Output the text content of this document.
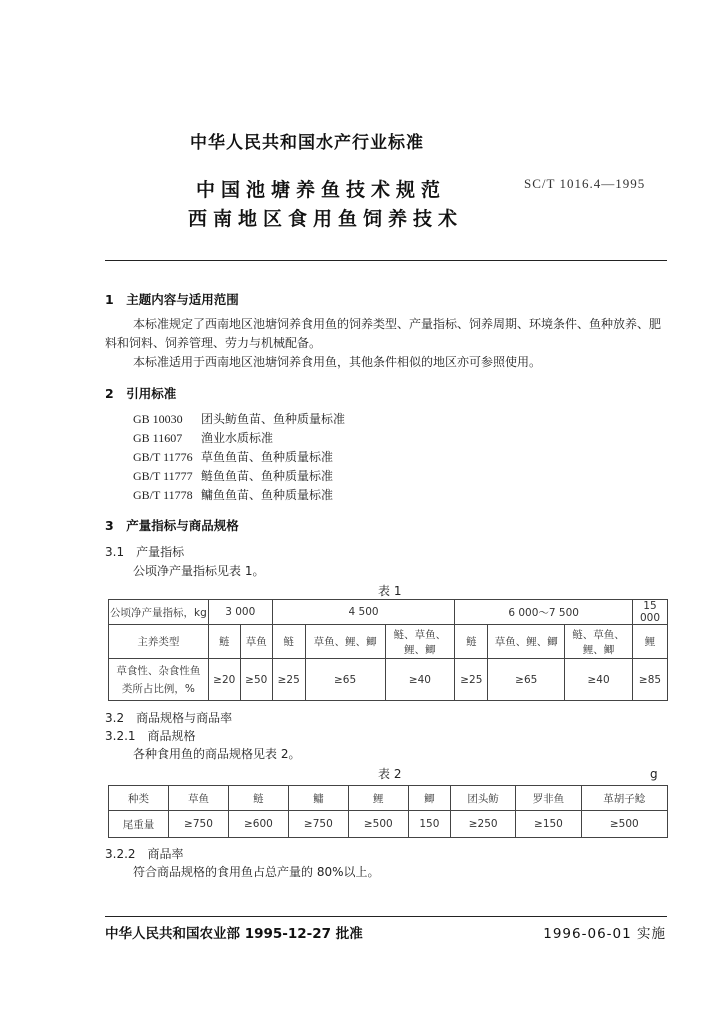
中华人民共和国水产行业标准
中国池塘养鱼技术规范
西南地区食用鱼饲养技术
SC/T 1016.4—1995
1　主题内容与适用范围
本标准规定了西南地区池塘饲养食用鱼的饲养类型、产量指标、饲养周期、环境条件、鱼种放养、肥
料和饲料、饲养管理、劳力与机械配备。
本标准适用于西南地区池塘饲养食用鱼，其他条件相似的地区亦可参照使用。
2　引用标准
GB 10030 团头鲂鱼苗、鱼种质量标准
GB 11607 渔业水质标准
GB/T 11776 草鱼鱼苗、鱼种质量标准
GB/T 11777 鲢鱼鱼苗、鱼种质量标准
GB/T 11778 鳙鱼鱼苗、鱼种质量标准
3　产量指标与商品规格
3.1　产量指标
公顷净产量指标见表 1。
表 1
公顷净产量指标，kg	3 000		4 500			6 000～7 500			15 000
主养类型	鲢	草鱼	鲢	草鱼、鲤、鲫	鲢、草鱼、鲤、鲫	鲢	草鱼、鲤、鲫	鲢、草鱼、鲤、鲫	鲤
草食性、杂食性鱼类所占比例，%	≥20	≥50	≥25	≥65	≥40	≥25	≥65	≥40	≥85
3.2　商品规格与商品率
3.2.1　商品规格
各种食用鱼的商品规格见表 2。
表 2	g
种类	草鱼	鲢	鳙	鲤	鲫	团头鲂	罗非鱼	革胡子鲶
尾重量	≥750	≥600	≥750	≥500	150	≥250	≥150	≥500
3.2.2　商品率
符合商品规格的食用鱼占总产量的 80%以上。
中华人民共和国农业部 1995-12-27 批准	1996-06-01 实施
